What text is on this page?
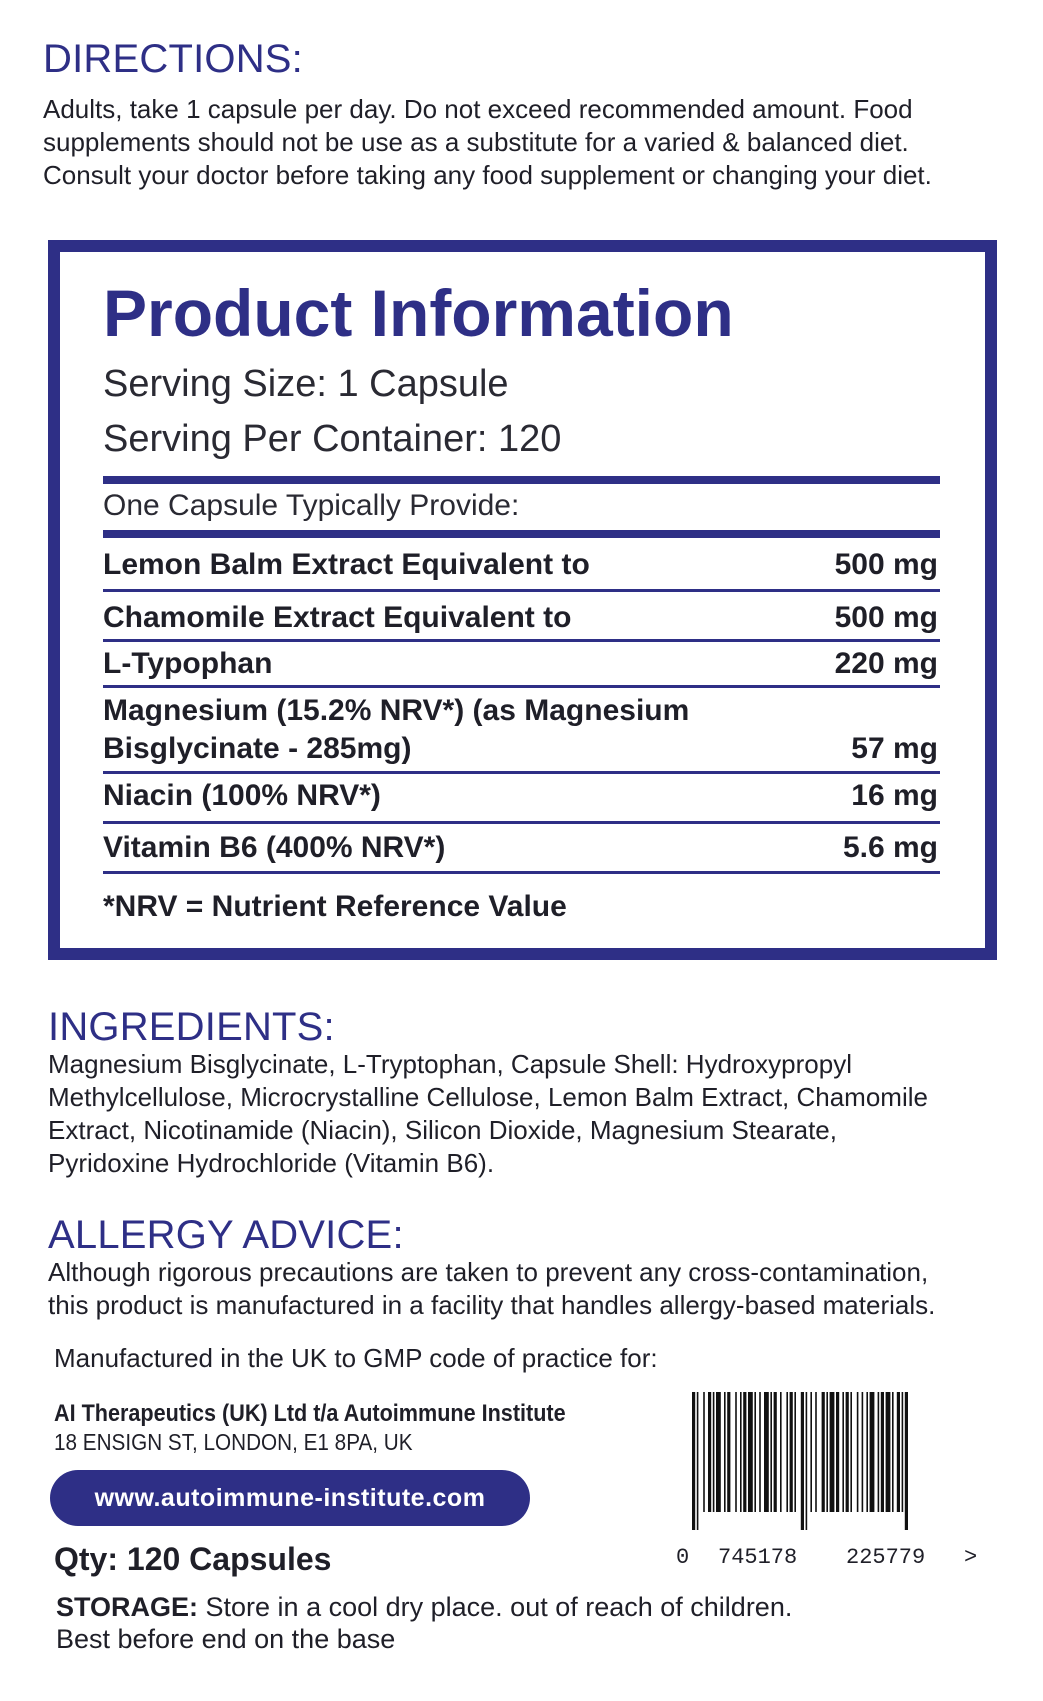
DIRECTIONS:
Adults, take 1 capsule per day. Do not exceed recommended amount. Food
supplements should not be use as a substitute for a varied & balanced diet.
Consult your doctor before taking any food supplement or changing your diet.
Product Information
Serving Size: 1 Capsule
Serving Per Container: 120
One Capsule Typically Provide:
Lemon Balm Extract Equivalent to	500 mg
Chamomile Extract Equivalent to	500 mg
L-Typophan	220 mg
Magnesium (15.2% NRV*) (as Magnesium
Bisglycinate - 285mg)	57 mg
Niacin (100% NRV*)	16 mg
Vitamin B6 (400% NRV*)	5.6 mg
*NRV = Nutrient Reference Value
INGREDIENTS:
Magnesium Bisglycinate, L-Tryptophan, Capsule Shell: Hydroxypropyl
Methylcellulose, Microcrystalline Cellulose, Lemon Balm Extract, Chamomile
Extract, Nicotinamide (Niacin), Silicon Dioxide, Magnesium Stearate,
Pyridoxine Hydrochloride (Vitamin B6).
ALLERGY ADVICE:
Although rigorous precautions are taken to prevent any cross-contamination,
this product is manufactured in a facility that handles allergy-based materials.
Manufactured in the UK to GMP code of practice for:
AI Therapeutics (UK) Ltd t/a Autoimmune Institute
18 ENSIGN ST, LONDON, E1 8PA, UK
www.autoimmune-institute.com
Qty: 120 Capsules
STORAGE: Store in a cool dry place. out of reach of children.
Best before end on the base
0 745178 225779 >
